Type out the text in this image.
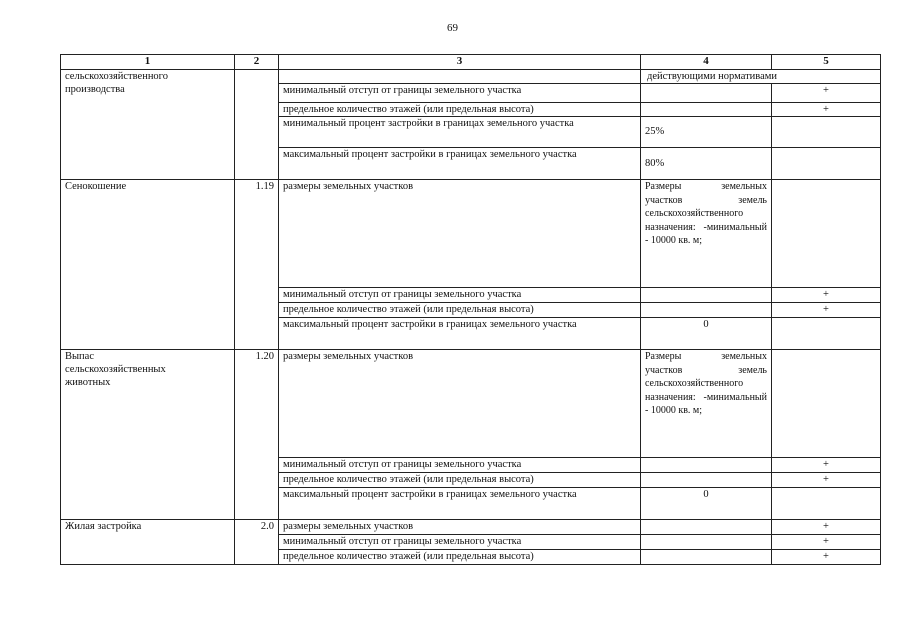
69
1	2	3	4	5
сельскохозяйственного производства			действующими нормативами	
		минимальный отступ от границы земельного участка		+
		предельное количество этажей (или предельная высота)		+
		минимальный процент застройки в границах земельного участка	25%	
		максимальный процент застройки в границах земельного участка	80%	
Сенокошение	1.19	размеры земельных участков	Размеры земельных участков земель сельскохозяйственного назначения: -минимальный - 10000 кв. м;	
		минимальный отступ от границы земельного участка		+
		предельное количество этажей (или предельная высота)		+
		максимальный процент застройки в границах земельного участка	0	
Выпас сельскохозяйственных животных	1.20	размеры земельных участков	Размеры земельных участков земель сельскохозяйственного назначения: -минимальный - 10000 кв. м;	
		минимальный отступ от границы земельного участка		+
		предельное количество этажей (или предельная высота)		+
		максимальный процент застройки в границах земельного участка	0	
Жилая застройка	2.0	размеры земельных участков		+
		минимальный отступ от границы земельного участка		+
		предельное количество этажей (или предельная высота)		+
